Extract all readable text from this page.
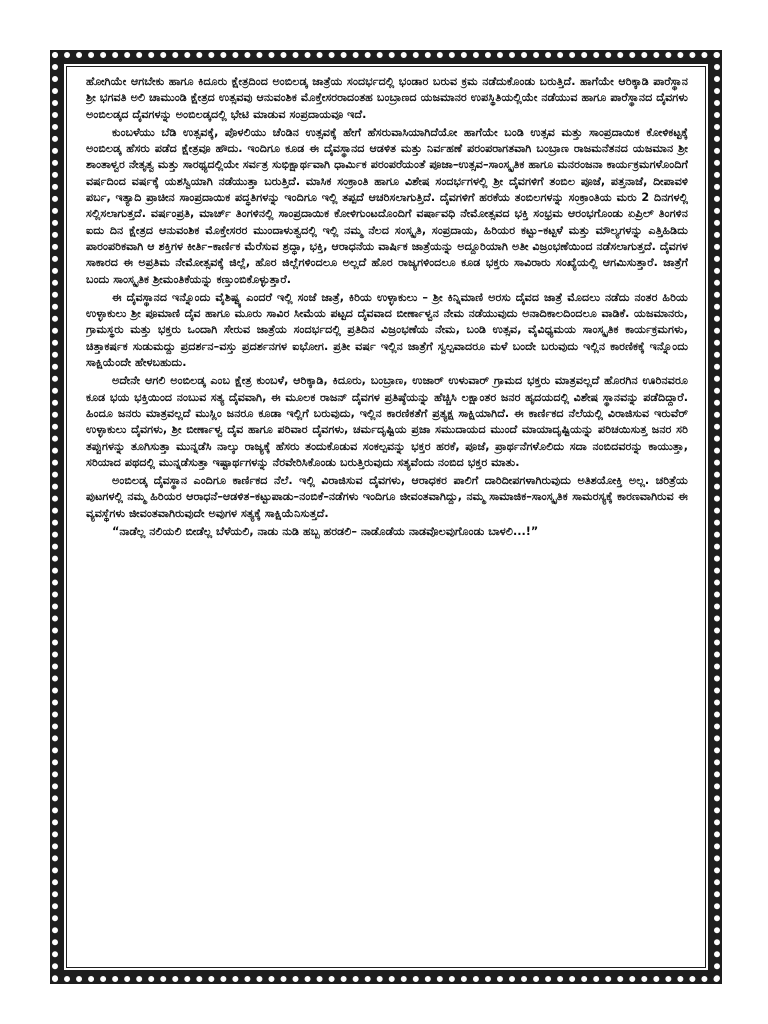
ಹೋಗಿಯೇ ಆಗಬೇಕು ಹಾಗೂ ಕಿದೂರು ಕ್ಷೇತ್ರದಿಂದ ಅಂಬಿಲಡ್ಕ ಜಾತ್ರೆಯ ಸಂದರ್ಭದಲ್ಲಿ ಭಂಡಾರ ಬರುವ ಕ್ರಮ ನಡೆದುಕೊಂಡು ಬರುತ್ತಿದೆ. ಹಾಗೆಯೇ ಆರಿಕ್ಕಾಡಿ ಪಾರೆಸ್ಥಾನ ಶ್ರೀ ಭಗವತಿ ಅಲಿ ಚಾಮುಂಡಿ ಕ್ಷೇತ್ರದ ಉತ್ಸವವು ಆನುವಂಶಿಕ ಮೊಕ್ತೇಸರರಾದಂತಹ ಬಂಬ್ರಾಣದ ಯಜಮಾನರ ಉಪಸ್ಥಿತಿಯಲ್ಲಿಯೇ ನಡೆಯುವ ಹಾಗೂ ಪಾರೆಸ್ಥಾನದ ದೈವಗಳು ಅಂಬಿಲಡ್ಕದ ದೈವಗಳನ್ನು ಅಂಬಿಲಡ್ಕದಲ್ಲಿ ಭೇಟಿ ಮಾಡುವ ಸಂಪ್ರದಾಯವೂ ಇದೆ.

ಕುಂಬಳೆಯು ಬೆಡಿ ಉತ್ಸವಕ್ಕೆ, ಪೊಳಲಿಯು ಚೆಂಡಿನ ಉತ್ಸವಕ್ಕೆ ಹೇಗೆ ಹೆಸರುವಾಸಿಯಾಗಿದೆಯೋ ಹಾಗೆಯೇ ಬಂಡಿ ಉತ್ಸವ ಮತ್ತು ಸಾಂಪ್ರದಾಯಿಕ ಕೋಳಿಕಟ್ಟಕ್ಕೆ ಅಂಬಿಲಡ್ಕ ಹೆಸರು ಪಡೆದ ಕ್ಷೇತ್ರವೂ ಹೌದು. ಇಂದಿಗೂ ಕೂಡ ಈ ದೈವಸ್ಥಾನದ ಆಡಳಿತ ಮತ್ತು ನಿರ್ವಹಣೆ ಪರಂಪರಾಗತವಾಗಿ ಬಂಬ್ರಾಣ ರಾಜಮನೆತನದ ಯಜಮಾನ ಶ್ರೀ ಶಾಂತಾಳ್ವರ ನೇತೃತ್ವ ಮತ್ತು ಸಾರಥ್ಯದಲ್ಲಿಯೇ ಸರ್ವತ್ರ ಸುಭಿಕ್ಷಾರ್ಥವಾಗಿ ಧಾರ್ಮಿಕ ಪರಂಪರೆಯಂತೆ ಪೂಜಾ–ಉತ್ಸವ–ಸಾಂಸ್ಕೃತಿಕ ಹಾಗೂ ಮನರಂಜನಾ ಕಾರ್ಯಕ್ರಮಗಳೊಂದಿಗೆ ವರ್ಷದಿಂದ ವರ್ಷಕ್ಕೆ ಯಶಸ್ವಿಯಾಗಿ ನಡೆಯುತ್ತಾ ಬರುತ್ತಿದೆ. ಮಾಸಿಕ ಸಂಕ್ರಾಂತಿ ಹಾಗೂ ವಿಶೇಷ ಸಂದರ್ಭಗಳಲ್ಲಿ ಶ್ರೀ ದೈವಗಳಿಗೆ ತಂಬಿಲ ಪೂಜೆ, ಪತ್ತನಾಜೆ, ದೀಪಾವಳಿ ಪರ್ಬ, ಇತ್ಯಾದಿ ಪ್ರಾಚೀನ ಸಾಂಪ್ರದಾಯಿಕ ಪದ್ಧತಿಗಳನ್ನು ಇಂದಿಗೂ ಇಲ್ಲಿ ತಪ್ಪದೆ ಆಚರಿಸಲಾಗುತ್ತಿದೆ. ದೈವಗಳಿಗೆ ಹರಕೆಯ ತಂಬಿಲಗಳನ್ನು ಸಂಕ್ರಾಂತಿಯ ಮರು 2 ದಿನಗಳಲ್ಲಿ ಸಲ್ಲಿಸಲಾಗುತ್ತದೆ. ವರ್ಷಂಪ್ರತಿ, ಮಾರ್ಚ್ ತಿಂಗಳಿನಲ್ಲಿ ಸಾಂಪ್ರದಾಯಿಕ ಕೋಳಿಗುಂಟದೊಂದಿಗೆ ವರ್ಷಾವಧಿ ನೇಮೋತ್ಸವದ ಭಕ್ತಿ ಸಂಭ್ರಮ ಆರಂಭಗೊಂಡು ಏಪ್ರಿಲ್ ತಿಂಗಳಿನ ಐದು ದಿನ ಕ್ಷೇತ್ರದ ಆನುವಂಶಿಕ ಮೊಕ್ತೇಸರರ ಮುಂದಾಳುತ್ವದಲ್ಲಿ ಇಲ್ಲಿ ನಮ್ಮ ನೆಲದ ಸಂಸ್ಕೃತಿ, ಸಂಪ್ರದಾಯ, ಹಿರಿಯರ ಕಟ್ಟು–ಕಟ್ಟಳೆ ಮತ್ತು ಮೌಲ್ಯಗಳನ್ನು ಎತ್ತಿಹಿಡಿದು ಪಾರಂಪರಿಕವಾಗಿ ಆ ಶಕ್ತಿಗಳ ಕೀರ್ತಿ–ಕಾರ್ಣಿಕ ಮೆರೆಸುವ ಶ್ರದ್ಧಾ, ಭಕ್ತಿ, ಆರಾಧನೆಯ ವಾರ್ಷಿಕ ಜಾತ್ರೆಯನ್ನು ಅದ್ದೂರಿಯಾಗಿ ಅತೀ ವಿಜ್ರಂಭಣೆಯಿಂದ ನಡೆಸಲಾಗುತ್ತದೆ. ದೈವಗಳ ಸಾಕಾರದ ಈ ಅಪ್ರತಿಮ ನೇಮೋತ್ಸವಕ್ಕೆ ಜಿಲ್ಲೆ, ಹೊರ ಜಿಲ್ಲೆಗಳಿಂದಲೂ ಅಲ್ಲದೆ ಹೊರ ರಾಜ್ಯಗಳಿಂದಲೂ ಕೂಡ ಭಕ್ತರು ಸಾವಿರಾರು ಸಂಖ್ಯೆಯಲ್ಲಿ ಆಗಮಿಸುತ್ತಾರೆ. ಜಾತ್ರೆಗೆ ಬಂದು ಸಾಂಸ್ಕೃತಿಕ ಶ್ರೀಮಂತಿಕೆಯನ್ನು ಕಣ್ತುಂಬಿಕೊಳ್ಳುತ್ತಾರೆ.

ಈ ದೈವಸ್ಥಾನದ ಇನ್ನೊಂದು ವೈಶಿಷ್ಟ್ಯ ಎಂದರೆ ಇಲ್ಲಿ ಸಂಜೆ ಜಾತ್ರೆ, ಕಿರಿಯ ಉಳ್ಳಾಕುಲು – ಶ್ರೀ ಕಿನ್ನಿಮಾಣಿ ಅರಸು ದೈವದ ಜಾತ್ರೆ ಮೊದಲು ನಡೆದು ನಂತರ ಹಿರಿಯ ಉಳ್ಳಾಕುಲು ಶ್ರೀ ಪೂಮಾಣಿ ದೈವ ಹಾಗೂ ಮೂರು ಸಾವಿರ ಸೀಮೆಯ ಪಟ್ಟದ ದೈವವಾದ ಬೀರ್ಣಾಳ್ವನ ನೇಮ ನಡೆಯುವುದು ಅನಾದಿಕಾಲದಿಂದಲೂ ವಾಡಿಕೆ. ಯಜಮಾನರು, ಗ್ರಾಮಸ್ಥರು ಮತ್ತು ಭಕ್ತರು ಒಂದಾಗಿ ಸೇರುವ ಜಾತ್ರೆಯ ಸಂದರ್ಭದಲ್ಲಿ ಪ್ರತಿದಿನ ವಿಜ್ರಂಭಣೆಯ ನೇಮ, ಬಂಡಿ ಉತ್ಸವ, ವೈವಿಧ್ಯಮಯ ಸಾಂಸ್ಕೃತಿಕ ಕಾರ್ಯಕ್ರಮಗಳು, ಚಿತ್ತಾಕರ್ಷಕ ಸುಡುಮದ್ದು ಪ್ರದರ್ಶನ–ವಸ್ತು ಪ್ರದರ್ಶನಗಳ ಐಭೋಗ. ಪ್ರತೀ ವರ್ಷ ಇಲ್ಲಿನ ಜಾತ್ರೆಗೆ ಸ್ವಲ್ಪವಾದರೂ ಮಳೆ ಬಂದೇ ಬರುವುದು ಇಲ್ಲಿನ ಕಾರಣಿಕಕ್ಕೆ ಇನ್ನೊಂದು ಸಾಕ್ಷಿಯೆಂದೇ ಹೇಳಬಹುದು.

ಅದೇನೇ ಆಗಲಿ ಅಂಬಿಲಡ್ಕ ಎಂಬ ಕ್ಷೇತ್ರ ಕುಂಬಳೆ, ಆರಿಕ್ಕಾಡಿ, ಕಿದೂರು, ಬಂಬ್ರಾಣ, ಉಜಾರ್ ಉಳುವಾರ್ ಗ್ರಾಮದ ಭಕ್ತರು ಮಾತ್ರವಲ್ಲದೆ ಹೊರಗಿನ ಊರಿನವರೂ ಕೂಡ ಭಯ ಭಕ್ತಿಯಿಂದ ನಂಬುವ ಸತ್ಯ ದೈವವಾಗಿ, ಈ ಮೂಲಕ ರಾಜನ್ ದೈವಗಳ ಪ್ರತಿಷ್ಠೆಯನ್ನು ಹೆಚ್ಚಿಸಿ ಲಕ್ಷಾಂತರ ಜನರ ಹೃದಯದಲ್ಲಿ ವಿಶೇಷ ಸ್ಥಾನವನ್ನು ಪಡೆದಿದ್ದಾರೆ. ಹಿಂದೂ ಜನರು ಮಾತ್ರವಲ್ಲದೆ ಮುಸ್ಲಿಂ ಜನರೂ ಕೂಡಾ ಇಲ್ಲಿಗೆ ಬರುವುದು, ಇಲ್ಲಿನ ಕಾರಣಿಕತೆಗೆ ಪ್ರತ್ಯಕ್ಷ ಸಾಕ್ಷಿಯಾಗಿದೆ. ಈ ಕಾರ್ಣಿಕದ ನೆಲೆಯಲ್ಲಿ ವಿರಾಜಿಸುವ ಇರುವೆರ್ ಉಳ್ಳಾಕುಲು ದೈವಗಳು, ಶ್ರೀ ಬೀರ್ಣಾಳ್ವ ದೈವ ಹಾಗೂ ಪರಿವಾರ ದೈವಗಳು, ಚರ್ಮದೃಷ್ಟಿಯ ಪ್ರಜಾ ಸಮುದಾಯದ ಮುಂದೆ ಮಾಯಾದೃಷ್ಟಿಯನ್ನು ಪರಿಚಯಿಸುತ್ತ ಜನರ ಸರಿ ತಪ್ಪುಗಳನ್ನು ತೂಗಿಸುತ್ತಾ ಮುನ್ನಡೆಸಿ ನಾಲ್ಕು ರಾಜ್ಯಕ್ಕೆ ಹೆಸರು ತಂದುಕೊಡುವ ಸಂಕಲ್ಪವನ್ನು ಭಕ್ತರ ಹರಕೆ, ಪೂಜೆ, ಪ್ರಾರ್ಥನೆಗಳೊಲಿದು ಸದಾ ನಂಬಿದವರನ್ನು ಕಾಯುತ್ತಾ, ಸರಿಯಾದ ಪಥದಲ್ಲಿ ಮುನ್ನಡೆಸುತ್ತಾ ಇಷ್ಟಾರ್ಥಗಳನ್ನು ನೆರವೇರಿಸಿಕೊಂಡು ಬರುತ್ತಿರುವುದು ಸತ್ಯವೆಂದು ನಂಬಿದ ಭಕ್ತರ ಮಾತು.

ಅಂಬಿಲಡ್ಕ ದೈವಸ್ಥಾನ ಎಂದಿಗೂ ಕಾರ್ಣಿಕದ ನೆಲೆ. ಇಲ್ಲಿ ವಿರಾಜಿಸುವ ದೈವಗಳು, ಆರಾಧಕರ ಪಾಲಿಗೆ ದಾರಿದೀಪಗಳಾಗಿರುವುದು ಅತಿಶಯೋಕ್ತಿ ಅಲ್ಲ. ಚರಿತ್ರೆಯ ಪುಟಗಳಲ್ಲಿ ನಮ್ಮ ಹಿರಿಯರ ಆರಾಧನೆ–ಆಡಳಿತ–ಕಟ್ಟುಪಾಡು–ನಂಬಿಕೆ–ನಡೆಗಳು ಇಂದಿಗೂ ಜೀವಂತವಾಗಿದ್ದು, ನಮ್ಮ ಸಾಮಾಜಿಕ–ಸಾಂಸ್ಕೃತಿಕ ಸಾಮರಸ್ಯಕ್ಕೆ ಕಾರಣವಾಗಿರುವ ಈ ವ್ಯವಸ್ಥೆಗಳು ಜೀವಂತವಾಗಿರುವುದೇ ಅವುಗಳ ಸತ್ಯಕ್ಕೆ ಸಾಕ್ಷಿಯೆನಿಸುತ್ತದೆ.

“ನಾಡೆಲ್ಲ ನಲಿಯಲಿ ಬೀಡೆಲ್ಲ ಬೆಳೆಯಲಿ, ನಾಡು ನುಡಿ ಹಬ್ಬ ಹರಡಲಿ– ನಾಡೊಡೆಯ ನಾಡವೊಲವುಗೊಂಡು ಬಾಳಲಿ...!”
